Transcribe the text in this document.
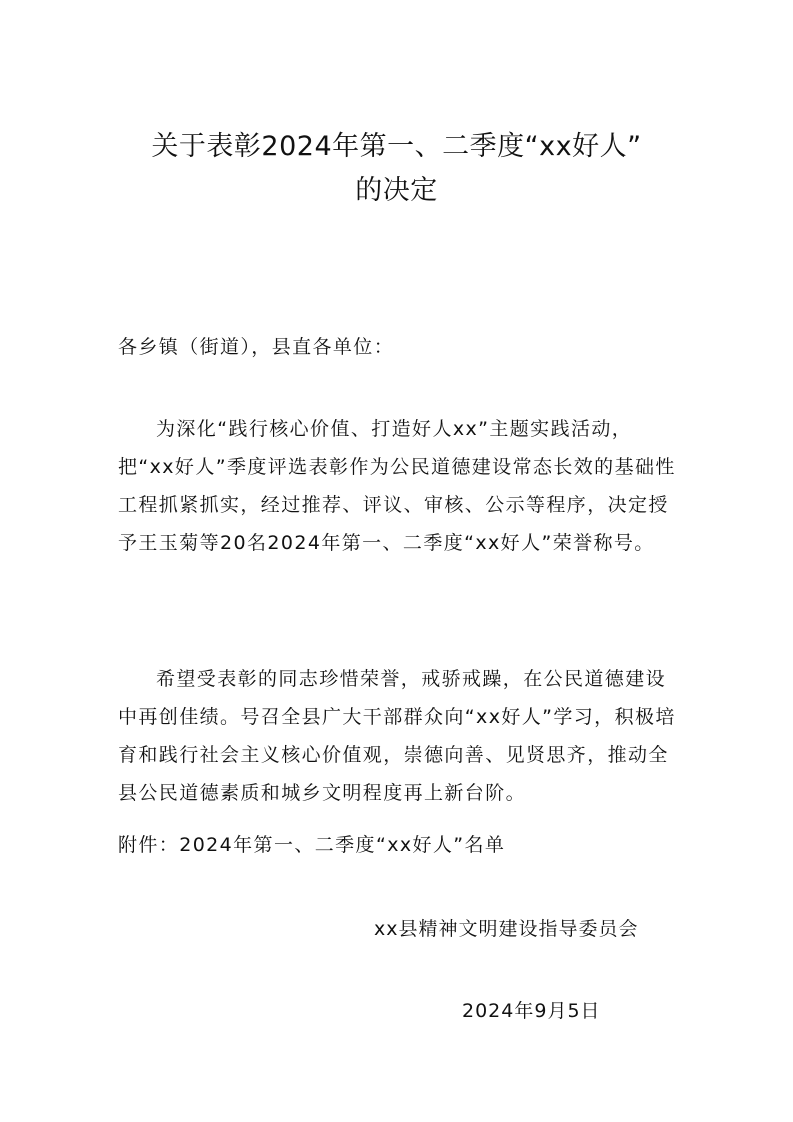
关于表彰2024年第一、二季度“xx好人”
的决定

各乡镇（街道），县直各单位：

为深化“践行核心价值、打造好人xx”主题实践活动，把“xx好人”季度评选表彰作为公民道德建设常态长效的基础性工程抓紧抓实，经过推荐、评议、审核、公示等程序，决定授予王玉菊等20名2024年第一、二季度“xx好人”荣誉称号。

希望受表彰的同志珍惜荣誉，戒骄戒躁，在公民道德建设中再创佳绩。号召全县广大干部群众向“xx好人”学习，积极培育和践行社会主义核心价值观，崇德向善、见贤思齐，推动全县公民道德素质和城乡文明程度再上新台阶。

附件：2024年第一、二季度“xx好人”名单

xx县精神文明建设指导委员会

2024年9月5日
